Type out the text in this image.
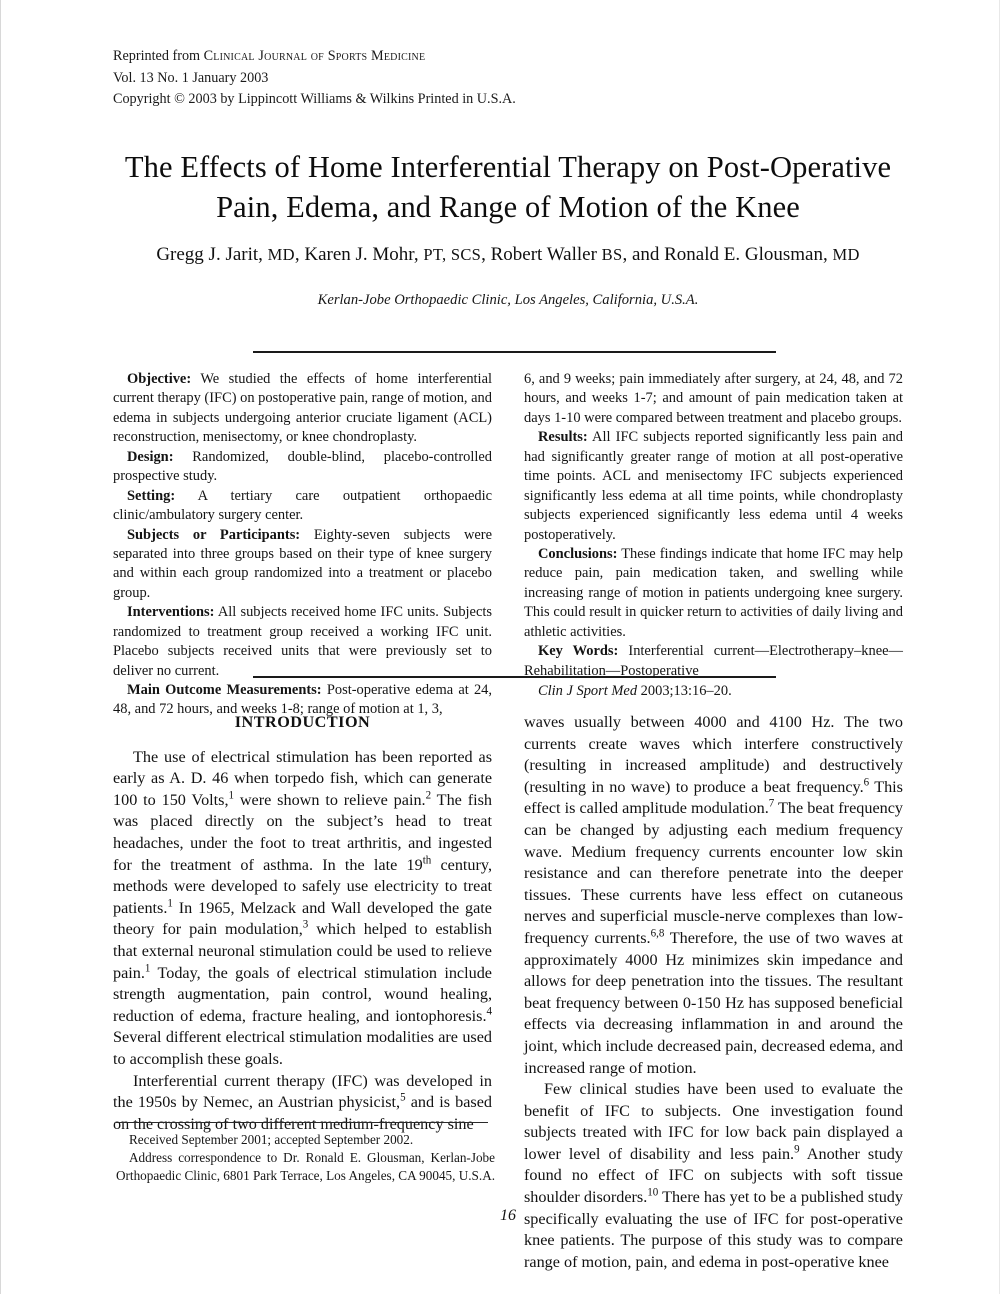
Reprinted from Clinical Journal of Sports Medicine
Vol. 13 No. 1 January 2003
Copyright © 2003 by Lippincott Williams & Wilkins Printed in U.S.A.
The Effects of Home Interferential Therapy on Post-Operative
Pain, Edema, and Range of Motion of the Knee
Gregg J. Jarit, MD, Karen J. Mohr, PT, SCS, Robert Waller BS, and Ronald E. Glousman, MD
Kerlan-Jobe Orthopaedic Clinic, Los Angeles, California, U.S.A.

Objective: We studied the effects of home interferential current therapy (IFC) on postoperative pain, range of motion, and edema in subjects undergoing anterior cruciate ligament (ACL) reconstruction, menisectomy, or knee chondroplasty.

Design: Randomized, double-blind, placebo-controlled prospective study.

Setting: A tertiary care outpatient orthopaedic clinic/ambulatory surgery center.

Subjects or Participants: Eighty-seven subjects were separated into three groups based on their type of knee surgery and within each group randomized into a treatment or placebo group.

Interventions: All subjects received home IFC units. Subjects randomized to treatment group received a working IFC unit. Placebo subjects received units that were previously set to deliver no current.

Main Outcome Measurements: Post-operative edema at 24, 48, and 72 hours, and weeks 1-8; range of motion at 1, 3,

6, and 9 weeks; pain immediately after surgery, at 24, 48, and 72 hours, and weeks 1-7; and amount of pain medication taken at days 1-10 were compared between treatment and placebo groups.

Results: All IFC subjects reported significantly less pain and had significantly greater range of motion at all post-operative time points. ACL and menisectomy IFC subjects experienced significantly less edema at all time points, while chondroplasty subjects experienced significantly less edema until 4 weeks postoperatively.

Conclusions: These findings indicate that home IFC may help reduce pain, pain medication taken, and swelling while increasing range of motion in patients undergoing knee surgery. This could result in quicker return to activities of daily living and athletic activities.

Key Words: Interferential current—Electrotherapy–knee—Rehabilitation—Postoperative

Clin J Sport Med 2003;13:16–20.

INTRODUCTION

The use of electrical stimulation has been reported as early as A. D. 46 when torpedo fish, which can generate 100 to 150 Volts,$^1$ were shown to relieve pain.$^2$ The fish was placed directly on the subject’s head to treat headaches, under the foot to treat arthritis, and ingested for the treatment of asthma. In the late 19th century, methods were developed to safely use electricity to treat patients.$^1$ In 1965, Melzack and Wall developed the gate theory for pain modulation,$^3$ which helped to establish that external neuronal stimulation could be used to relieve pain.$^1$ Today, the goals of electrical stimulation include strength augmentation, pain control, wound healing, reduction of edema, fracture healing, and iontophoresis.$^4$ Several different electrical stimulation modalities are used to accomplish these goals.

Interferential current therapy (IFC) was developed in the 1950s by Nemec, an Austrian physicist,$^5$ and is based on the crossing of two different medium-frequency sine

waves usually between 4000 and 4100 Hz. The two currents create waves which interfere constructively (resulting in increased amplitude) and destructively (resulting in no wave) to produce a beat frequency.$^6$ This effect is called amplitude modulation.$^7$ The beat frequency can be changed by adjusting each medium frequency wave. Medium frequency currents encounter low skin resistance and can therefore penetrate into the deeper tissues. These currents have less effect on cutaneous nerves and superficial muscle-nerve complexes than low-frequency currents.$^{6,8}$ Therefore, the use of two waves at approximately 4000 Hz minimizes skin impedance and allows for deep penetration into the tissues. The resultant beat frequency between 0-150 Hz has supposed beneficial effects via decreasing inflammation in and around the joint, which include decreased pain, decreased edema, and increased range of motion.

Few clinical studies have been used to evaluate the benefit of IFC to subjects. One investigation found subjects treated with IFC for low back pain displayed a lower level of disability and less pain.$^9$ Another study found no effect of IFC on subjects with soft tissue shoulder disorders.$^{10}$ There has yet to be a published study specifically evaluating the use of IFC for post-operative knee patients. The purpose of this study was to compare range of motion, pain, and edema in post-operative knee

Received September 2001; accepted September 2002.

Address correspondence to Dr. Ronald E. Glousman, Kerlan-Jobe Orthopaedic Clinic, 6801 Park Terrace, Los Angeles, CA 90045, U.S.A.

16
